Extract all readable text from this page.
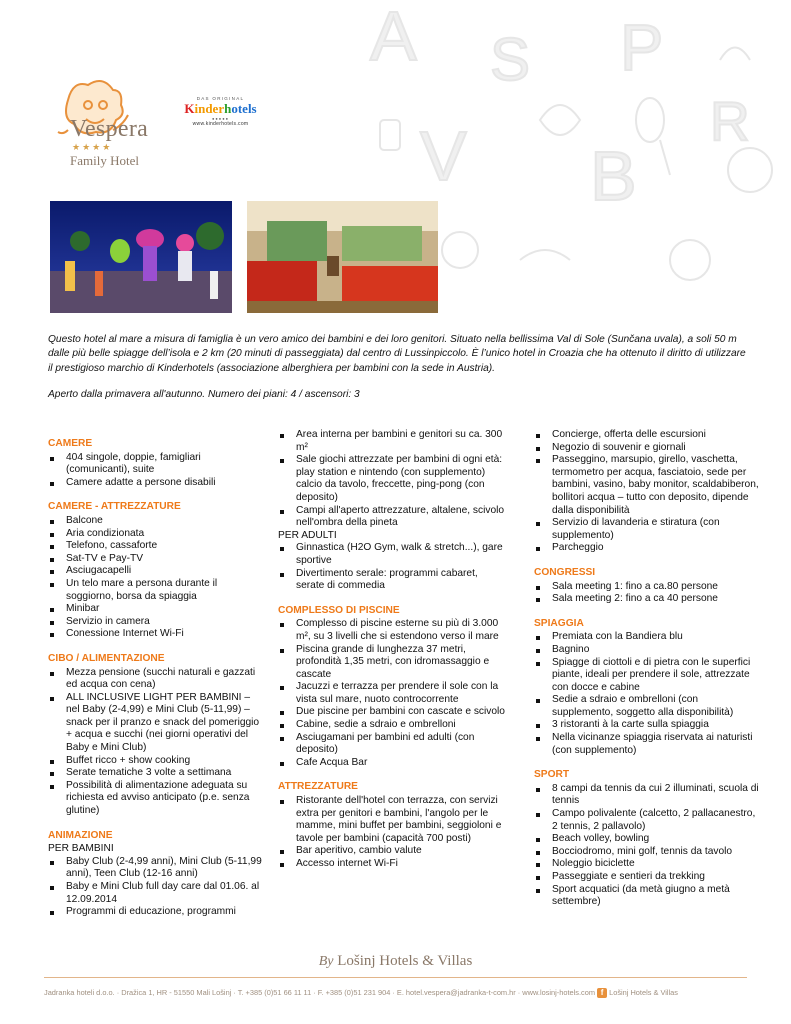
A S P
V B
R
Vespera
★★★★
Family Hotel
DAS ORIGINAL
Kinderhotels
●●●●●
www.kinderhotels.com

Questo hotel al mare a misura di famiglia è un vero amico dei bambini e dei loro genitori. Situato nella bellissima Val di Sole (Sunčana uvala), a soli 50 m dalle più belle spiagge dell’isola e 2 km (20 minuti di passeggiata) dal centro di Lussinpiccolo. È l’unico hotel in Croazia che ha ottenuto il diritto di utilizzare il prestigioso marchio di Kinderhotels (associazione alberghiera per bambini con la sede in Austria).

Aperto dalla primavera all'autunno. Numero dei piani: 4 / ascensori: 3

CAMERE
404 singole, doppie, famigliari (comunicanti), suite
Camere adatte a persone disabili
CAMERE - ATTREZZATURE
Balcone
Aria condizionata
Telefono, cassaforte
Sat-TV e Pay-TV
Asciugacapelli
Un telo mare a persona durante il soggiorno, borsa da spiaggia
Minibar
Servizio in camera
Conessione Internet Wi-Fi
CIBO / ALIMENTAZIONE
Mezza pensione (succhi naturali e gazzati ed acqua con cena)
ALL INCLUSIVE LIGHT PER BAMBINI – nel Baby (2-4,99) e Mini Club (5-11,99) – snack per il pranzo e snack del pomeriggio + acqua e succhi (nei giorni operativi del Baby e Mini Club)
Buffet ricco + show cooking
Serate tematiche 3 volte a settimana
Possibilità di alimentazione adeguata su richiesta ed avviso anticipato (p.e. senza glutine)
ANIMAZIONE
PER BAMBINI
Baby Club (2-4,99 anni), Mini Club (5-11,99 anni), Teen Club (12-16 anni)
Baby e Mini Club full day care dal 01.06. al 12.09.2014
Programmi di educazione, programmi
Area interna per bambini e genitori su ca. 300 m²
Sale giochi attrezzate per bambini di ogni età: play station e nintendo (con supplemento) calcio da tavolo, freccette, ping-pong (con deposito)
Campi all'aperto attrezzature, altalene, scivolo nell'ombra della pineta
PER ADULTI
Ginnastica (H2O Gym, walk & stretch...), gare sportive
Divertimento serale: programmi cabaret, serate di commedia
COMPLESSO DI PISCINE
Complesso di piscine esterne su più di 3.000 m², su 3 livelli che si estendono verso il mare
Piscina grande di lunghezza 37 metri, profondità 1,35 metri, con idromassaggio e cascate
Jacuzzi e terrazza per prendere il sole con la vista sul mare, nuoto controcorrente
Due piscine per bambini con cascate e scivolo
Cabine, sedie a sdraio e ombrelloni
Asciugamani per bambini ed adulti (con deposito)
Cafe Acqua Bar
ATTREZZATURE
Ristorante dell'hotel con terrazza, con servizi extra per genitori e bambini, l'angolo per le mamme, mini buffet per bambini, seggioloni e tavole per bambini (capacità 700 posti)
Bar aperitivo, cambio valute
Accesso internet Wi-Fi
Concierge, offerta delle escursioni
Negozio di souvenir e giornali
Passeggino, marsupio, girello, vaschetta, termometro per acqua, fasciatoio, sede per bambini, vasino, baby monitor, scaldabiberon, bollitori acqua – tutto con deposito, dipende dalla disponibilità
Servizio di lavanderia e stiratura (con supplemento)
Parcheggio
CONGRESSI
Sala meeting 1: fino a ca.80 persone
Sala meeting 2: fino a ca 40 persone
SPIAGGIA
Premiata con la Bandiera blu
Bagnino
Spiagge di ciottoli e di pietra con le superfici piante, ideali per prendere il sole, attrezzate con docce e cabine
Sedie a sdraio e ombrelloni (con supplemento, soggetto alla disponibilità)
3 ristoranti à la carte sulla spiaggia
Nella vicinanze spiaggia riservata ai naturisti (con supplemento)
SPORT
8 campi da tennis da cui 2 illuminati, scuola di tennis
Campo polivalente (calcetto, 2 pallacanestro, 2 tennis, 2 pallavolo)
Beach volley, bowling
Bocciodromo, mini golf, tennis da tavolo
Noleggio biciclette
Passeggiate e sentieri da trekking
Sport acquatici (da metà giugno a metà settembre)
By Lošinj Hotels & Villas
Jadranka hoteli d.o.o. · Dražica 1, HR - 51550 Mali Lošinj · T. +385 (0)51 66 11 11 · F. +385 (0)51 231 904 · E. hotel.vespera@jadranka-t-com.hr · www.losinj-hotels.com f Lošinj Hotels & Villas
